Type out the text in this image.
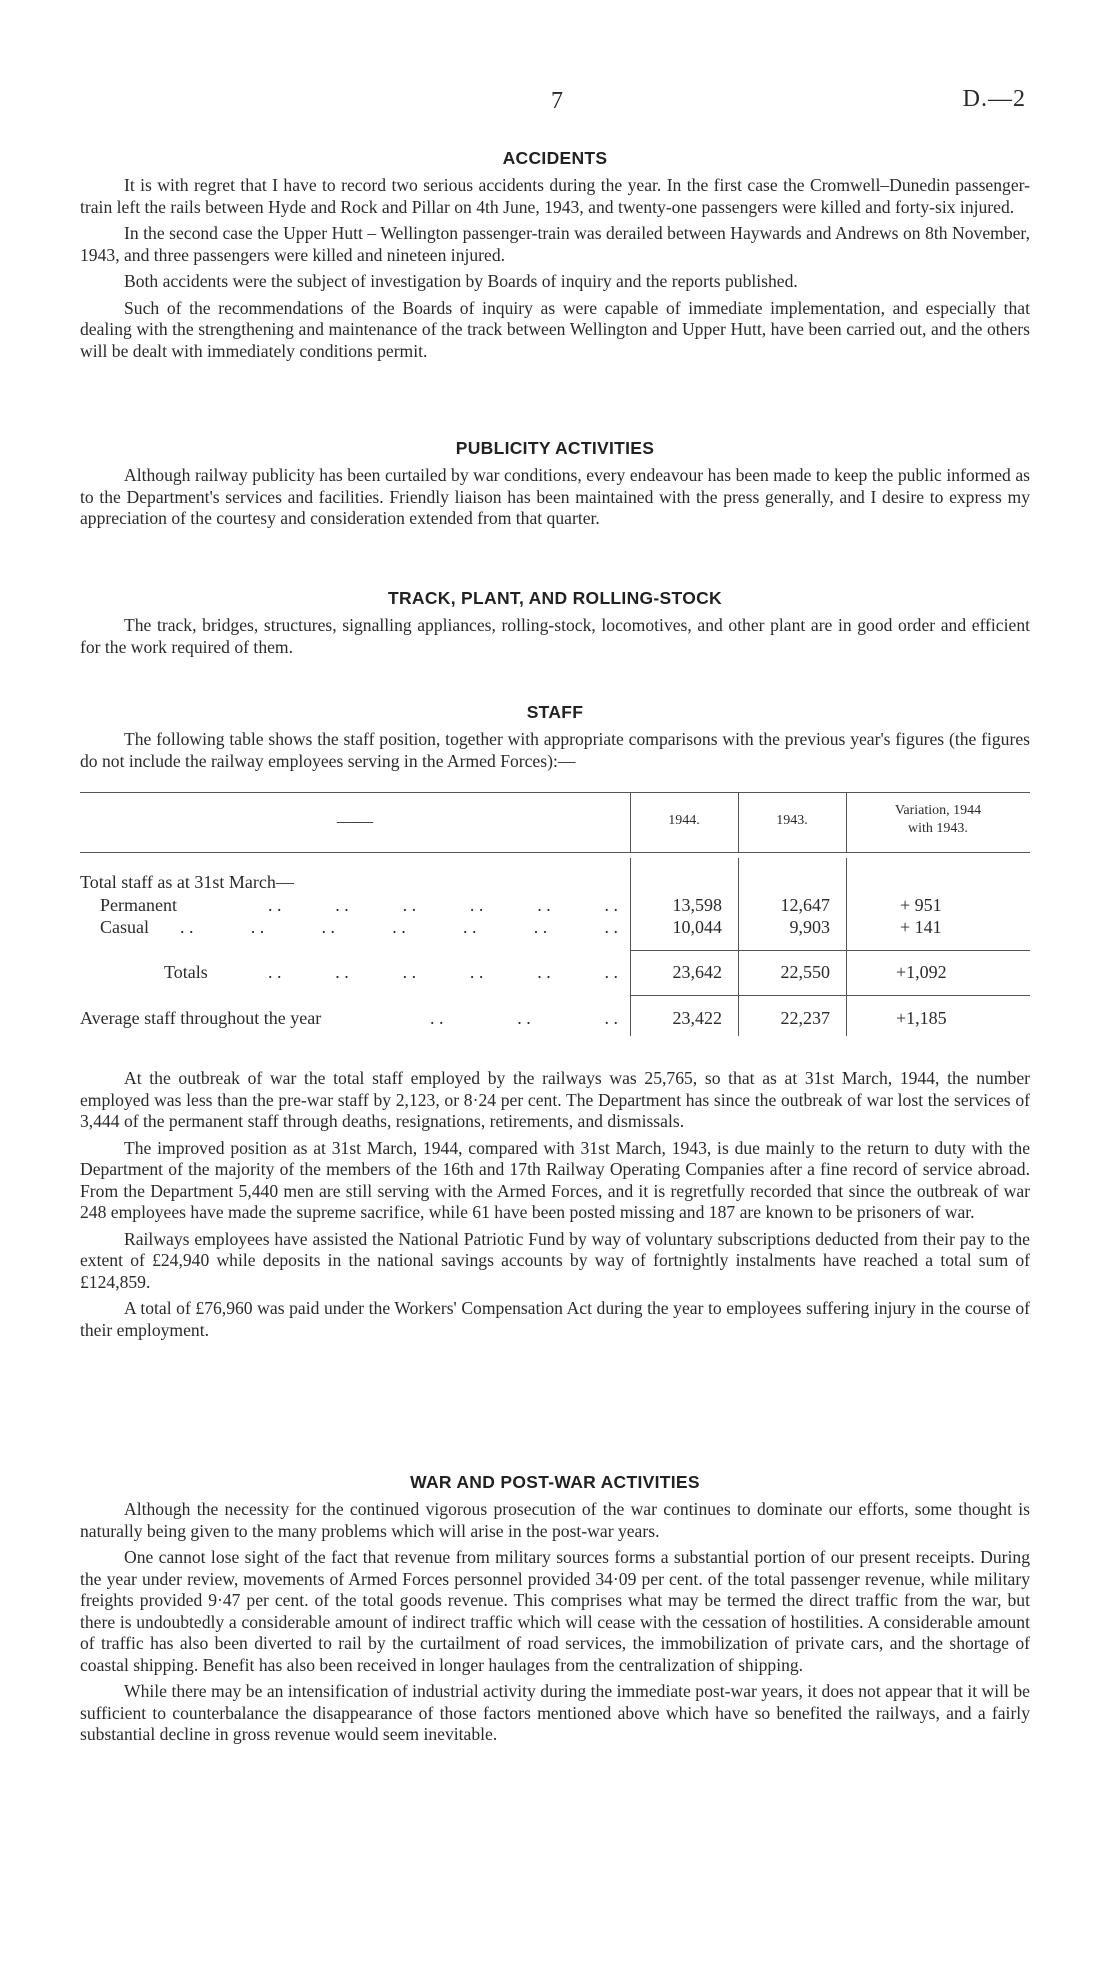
7	D.—2
ACCIDENTS

It is with regret that I have to record two serious accidents during the year. In the first case the Cromwell–Dunedin passenger-train left the rails between Hyde and Rock and Pillar on 4th June, 1943, and twenty-one passengers were killed and forty-six injured.

In the second case the Upper Hutt – Wellington passenger-train was derailed between Haywards and Andrews on 8th November, 1943, and three passengers were killed and nineteen injured.

Both accidents were the subject of investigation by Boards of inquiry and the reports published.

Such of the recommendations of the Boards of inquiry as were capable of immediate implementation, and especially that dealing with the strengthening and maintenance of the track between Wellington and Upper Hutt, have been carried out, and the others will be dealt with immediately conditions permit.

PUBLICITY ACTIVITIES

Although railway publicity has been curtailed by war conditions, every endeavour has been made to keep the public informed as to the Department's services and facilities. Friendly liaison has been maintained with the press generally, and I desire to express my appreciation of the courtesy and consideration extended from that quarter.

TRACK, PLANT, AND ROLLING-STOCK

The track, bridges, structures, signalling appliances, rolling-stock, locomotives, and other plant are in good order and efficient for the work required of them.

STAFF

The following table shows the staff position, together with appropriate comparisons with the previous year's figures (the figures do not include the railway employees serving in the Armed Forces):—

——	1944.	1943.
Variation, 1944
with 1943.
Total staff as at 31st March—
Permanent	. .	. .	. .	. .	. .	. .	13,598	12,647	+ 951
Casual . .	. .	. .	. .	. .	. .	. .	10,044	9,903	+ 141
Totals	. .	. .	. .	. .	. .	. .	23,642	22,550	+1,092
Average staff throughout the year	. .	. .	. .	23,422	22,237	+1,185

At the outbreak of war the total staff employed by the railways was 25,765, so that as at 31st March, 1944, the number employed was less than the pre-war staff by 2,123, or 8·24 per cent. The Department has since the outbreak of war lost the services of 3,444 of the permanent staff through deaths, resignations, retirements, and dismissals.

The improved position as at 31st March, 1944, compared with 31st March, 1943, is due mainly to the return to duty with the Department of the majority of the members of the 16th and 17th Railway Operating Companies after a fine record of service abroad. From the Department 5,440 men are still serving with the Armed Forces, and it is regretfully recorded that since the outbreak of war 248 employees have made the supreme sacrifice, while 61 have been posted missing and 187 are known to be prisoners of war.

Railways employees have assisted the National Patriotic Fund by way of voluntary subscriptions deducted from their pay to the extent of £24,940 while deposits in the national savings accounts by way of fortnightly instalments have reached a total sum of £124,859.

A total of £76,960 was paid under the Workers' Compensation Act during the year to employees suffering injury in the course of their employment.

WAR AND POST-WAR ACTIVITIES

Although the necessity for the continued vigorous prosecution of the war continues to dominate our efforts, some thought is naturally being given to the many problems which will arise in the post-war years.

One cannot lose sight of the fact that revenue from military sources forms a substantial portion of our present receipts. During the year under review, movements of Armed Forces personnel provided 34·09 per cent. of the total passenger revenue, while military freights provided 9·47 per cent. of the total goods revenue. This comprises what may be termed the direct traffic from the war, but there is undoubtedly a considerable amount of indirect traffic which will cease with the cessation of hostilities. A considerable amount of traffic has also been diverted to rail by the curtailment of road services, the immobilization of private cars, and the shortage of coastal shipping. Benefit has also been received in longer haulages from the centralization of shipping.

While there may be an intensification of industrial activity during the immediate post-war years, it does not appear that it will be sufficient to counterbalance the disappearance of those factors mentioned above which have so benefited the railways, and a fairly substantial decline in gross revenue would seem inevitable.
